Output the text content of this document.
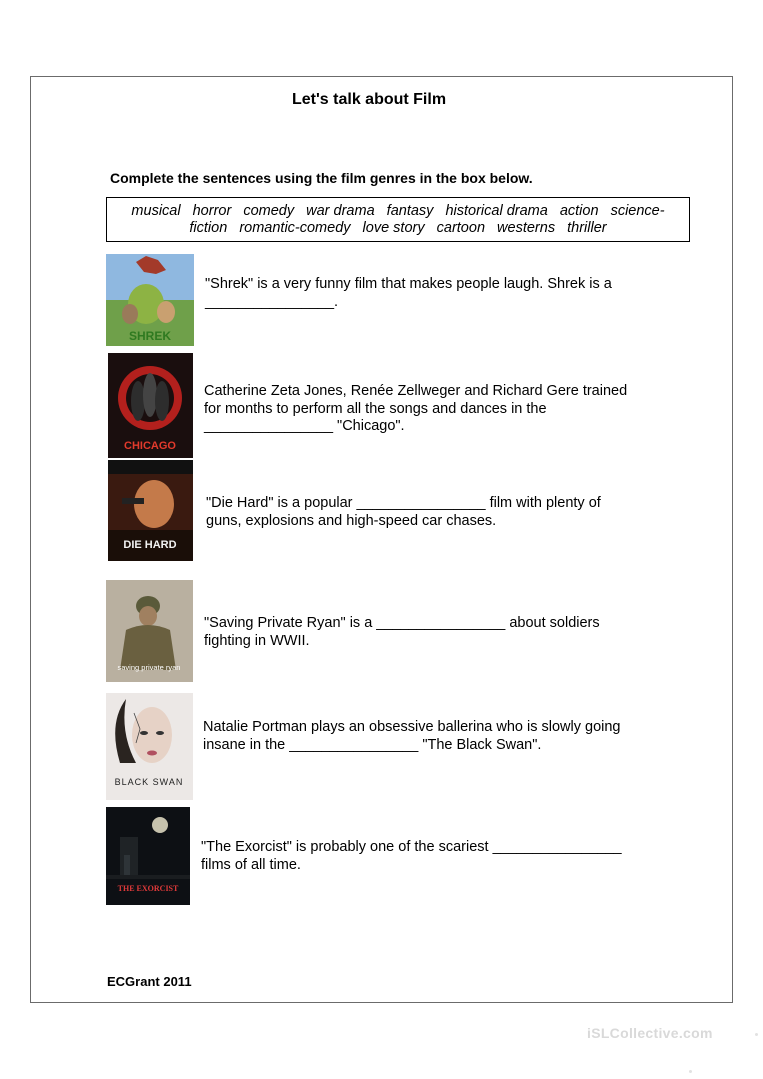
Let's talk about Film
Complete the sentences using the film genres in the box below.
musical horror comedy war drama fantasy historical drama action science-
fiction romantic-comedy love story cartoon westerns thriller
SHREK
"Shrek" is a very funny film that makes people laugh. Shrek is a
________________.
CHICAGO
Catherine Zeta Jones, Renée Zellweger and Richard Gere trained
for months to perform all the songs and dances in the
________________ "Chicago".
DIE HARD
"Die Hard" is a popular ________________ film with plenty of
guns, explosions and high-speed car chases.
saving private ryan
"Saving Private Ryan" is a ________________ about soldiers
fighting in WWII.
BLACK SWAN
Natalie Portman plays an obsessive ballerina who is slowly going
insane in the ________________ "The Black Swan".
THE EXORCIST
"The Exorcist" is probably one of the scariest ________________
films of all time.
ECGrant 2011
iSLCollective.com
